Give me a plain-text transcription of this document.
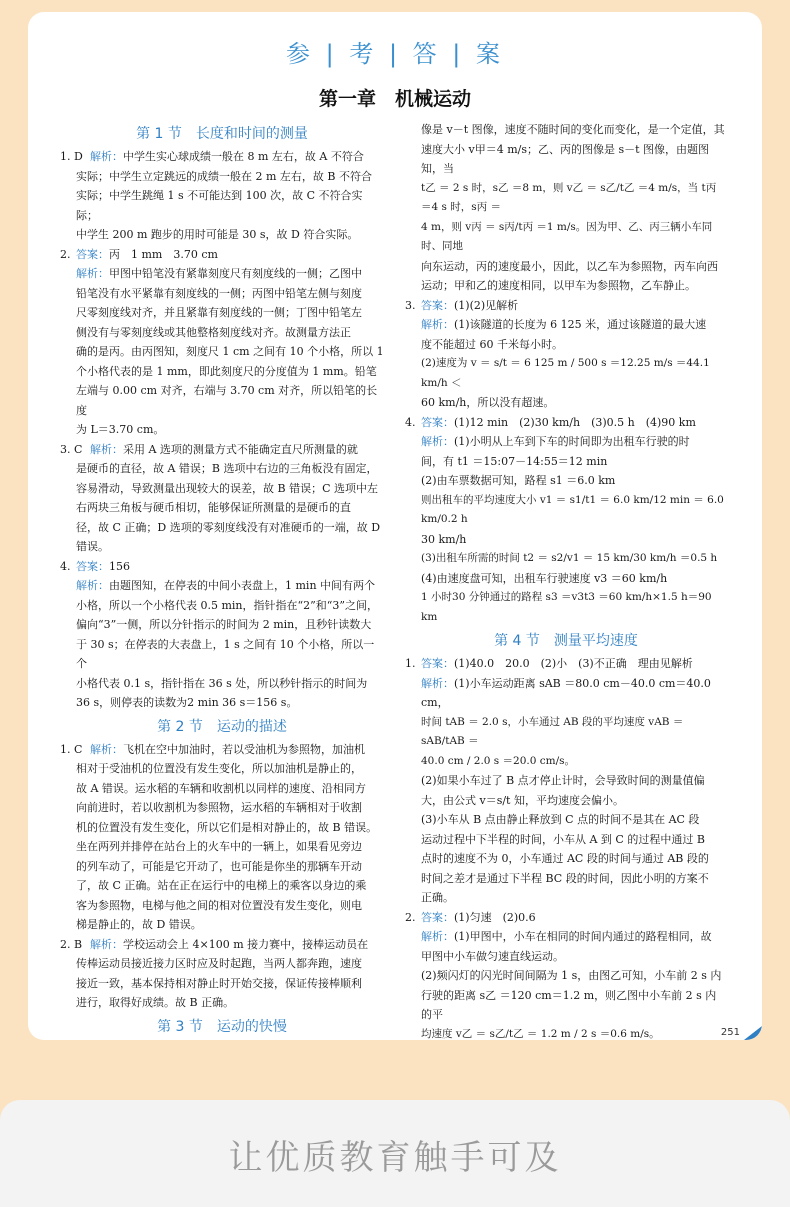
参 | 考 | 答 | 案
第一章　机械运动
第 1 节　长度和时间的测量
1. D 解析：中学生实心球成绩一般在 8 m 左右，故 A 不符合
实际；中学生立定跳远的成绩一般在 2 m 左右，故 B 不符合
实际；中学生跳绳 1 s 不可能达到 100 次，故 C 不符合实际；
中学生 200 m 跑步的用时可能是 30 s，故 D 符合实际。
2. 答案：丙　1 mm　3.70 cm
解析：甲图中铅笔没有紧靠刻度尺有刻度线的一侧；乙图中
铅笔没有水平紧靠有刻度线的一侧；丙图中铅笔左侧与刻度
尺零刻度线对齐，并且紧靠有刻度线的一侧；丁图中铅笔左
侧没有与零刻度线或其他整格刻度线对齐。故测量方法正
确的是丙。由丙图知，刻度尺 1 cm 之间有 10 个小格，所以 1
个小格代表的是 1 mm，即此刻度尺的分度值为 1 mm。铅笔
左端与 0.00 cm 对齐，右端与 3.70 cm 对齐，所以铅笔的长度
为 L＝3.70 cm。
3. C 解析：采用 A 选项的测量方式不能确定直尺所测量的就
是硬币的直径，故 A 错误；B 选项中右边的三角板没有固定，
容易滑动，导致测量出现较大的误差，故 B 错误；C 选项中左
右两块三角板与硬币相切，能够保证所测量的是硬币的直
径，故 C 正确；D 选项的零刻度线没有对准硬币的一端，故 D
错误。
4. 答案：156
解析：由题图知，在停表的中间小表盘上，1 min 中间有两个
小格，所以一个小格代表 0.5 min，指针指在“2”和“3”之间，
偏向“3”一侧，所以分针指示的时间为 2 min，且秒针读数大
于 30 s；在停表的大表盘上，1 s 之间有 10 个小格，所以一个
小格代表 0.1 s，指针指在 36 s 处，所以秒针指示的时间为
36 s，则停表的读数为2 min 36 s＝156 s。
第 2 节　运动的描述
1. C 解析：飞机在空中加油时，若以受油机为参照物，加油机
相对于受油机的位置没有发生变化，所以加油机是静止的，
故 A 错误。运水稻的车辆和收割机以同样的速度、沿相同方
向前进时，若以收割机为参照物，运水稻的车辆相对于收割
机的位置没有发生变化，所以它们是相对静止的，故 B 错误。
坐在两列并排停在站台上的火车中的一辆上，如果看见旁边
的列车动了，可能是它开动了，也可能是你坐的那辆车开动
了，故 C 正确。站在正在运行中的电梯上的乘客以身边的乘
客为参照物，电梯与他之间的相对位置没有发生变化，则电
梯是静止的，故 D 错误。
2. B 解析：学校运动会上 4×100 m 接力赛中，接棒运动员在
传棒运动员接近接力区时应及时起跑，当两人都奔跑，速度
接近一致，基本保持相对静止时开始交接，保证传接棒顺利
进行，取得好成绩。故 B 正确。
第 3 节　运动的快慢
像是 v－t 图像，速度不随时间的变化而变化，是一个定值，其
速度大小 v甲＝4 m/s；乙、丙的图像是 s－t 图像，由题图知，当
t乙 ＝ 2 s 时，s乙 ＝8 m，则 v乙 ＝ s乙/t乙 ＝4 m/s，当 t丙 ＝4 s 时，s丙 ＝
4 m，则 v丙 ＝ s丙/t丙 ＝1 m/s。因为甲、乙、丙三辆小车同时、同地
向东运动，丙的速度最小，因此，以乙车为参照物，丙车向西
运动；甲和乙的速度相同，以甲车为参照物，乙车静止。
3. 答案：(1)(2)见解析
解析：(1)该隧道的长度为 6 125 米，通过该隧道的最大速
度不能超过 60 千米每小时。
(2)速度为 v ＝ s/t ＝ 6 125 m / 500 s ＝12.25 m/s ＝44.1 km/h ＜
60 km/h，所以没有超速。
4. 答案：(1)12 min　(2)30 km/h　(3)0.5 h　(4)90 km
解析：(1)小明从上车到下车的时间即为出租车行驶的时
间，有 t1 ＝15:07－14:55＝12 min
(2)由车票数据可知，路程 s1 ＝6.0 km
则出租车的平均速度大小 v1 ＝ s1/t1 ＝ 6.0 km/12 min ＝ 6.0 km/0.2 h
30 km/h
(3)出租车所需的时间 t2 ＝ s2/v1 ＝ 15 km/30 km/h ＝0.5 h
(4)由速度盘可知，出租车行驶速度 v3 ＝60 km/h
1 小时30 分钟通过的路程 s3 ＝v3t3 ＝60 km/h×1.5 h＝90 km
第 4 节　测量平均速度
1. 答案：(1)40.0　20.0　(2)小　(3)不正确　理由见解析
解析：(1)小车运动距离 sAB ＝80.0 cm－40.0 cm＝40.0 cm，
时间 tAB ＝ 2.0 s，小车通过 AB 段的平均速度 vAB ＝ sAB/tAB ＝
40.0 cm / 2.0 s ＝20.0 cm/s。
(2)如果小车过了 B 点才停止计时，会导致时间的测量值偏
大，由公式 v＝s/t 知，平均速度会偏小。
(3)小车从 B 点由静止释放到 C 点的时间不是其在 AC 段
运动过程中下半程的时间，小车从 A 到 C 的过程中通过 B
点时的速度不为 0，小车通过 AC 段的时间与通过 AB 段的
时间之差才是通过下半程 BC 段的时间，因此小明的方案不
正确。
2. 答案：(1)匀速　(2)0.6
解析：(1)甲图中，小车在相同的时间内通过的路程相同，故
甲图中小车做匀速直线运动。
(2)频闪灯的闪光时间间隔为 1 s，由图乙可知，小车前 2 s 内
行驶的距离 s乙 ＝120 cm＝1.2 m，则乙图中小车前 2 s 内的平
均速度 v乙 ＝ s乙/t乙 ＝ 1.2 m / 2 s ＝0.6 m/s。	251
让优质教育触手可及
